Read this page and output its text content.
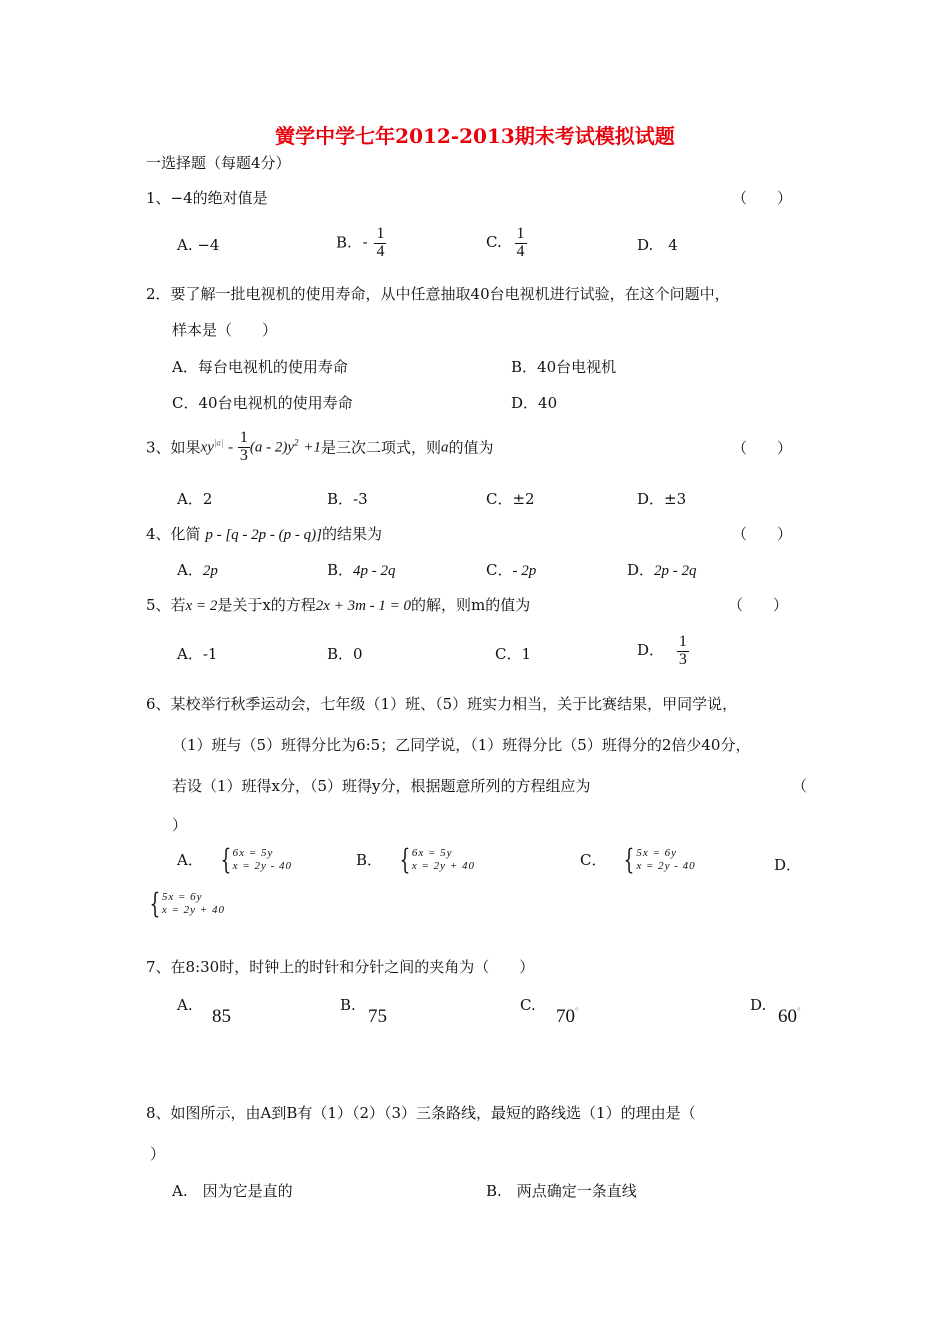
黉学中学七年2012-2013期末考试模拟试题
一选择题（每题4分）
1、−4的绝对值是	（　　）
A. −4	B. - $\frac{1}{4}$	C. $\frac{1}{4}$	D.　4
2．要了解一批电视机的使用寿命，从中任意抽取40台电视机进行试验，在这个问题中，
样本是（　　）
A．每台电视机的使用寿命	B．40台电视机
C．40台电视机的使用寿命	D．40
3、如果$xy^{|a|} - \frac{1}{3} (a - 2)y^2 +1$是三次二项式，则a的值为	（　　）
A．2	B．-3	C．±2	D．±3
4、化简 p - [q - 2p - (p - q)]的结果为	（　　）
A．2p	B．4p - 2q	C．- 2p	D．2p - 2q
5、若x = 2是关于x的方程2x + 3m - 1 = 0的解，则m的值为	（　　）
A．-1	B．0	C．1	D． $\frac{1}{3}$
6、某校举行秋季运动会，七年级（1）班、（5）班实力相当，关于比赛结果，甲同学说，
（1）班与（5）班得分比为6:5；乙同学说，（1）班得分比（5）班得分的2倍少40分，
若设（1）班得x分，（5）班得y分，根据题意所列的方程组应为	（
）
A． { 6x = 5y
x = 2y - 40	B． { 6x = 5y
x = 2y + 40	C． { 5x = 6y
x = 2y - 40	D．
{ 5x = 6y
x = 2y + 40
7、在8:30时，时钟上的时针和分针之间的夹角为（　　）
A.
85
B.
75
C.
70°	D.
60°
8、如图所示，由A到B有（1）（2）（3）三条路线，最短的路线选（1）的理由是（
）
A.　因为它是直的	B.　两点确定一条直线
